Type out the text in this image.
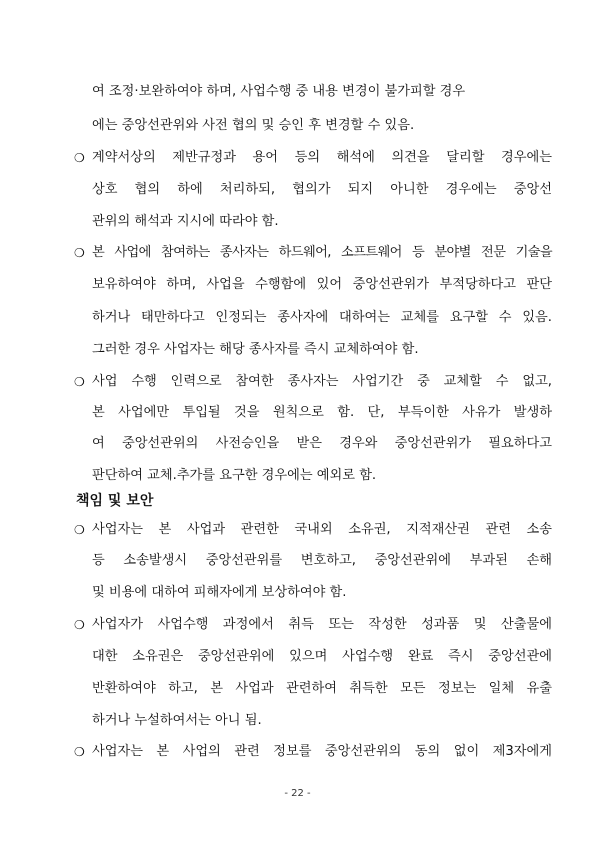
여 조정·보완하여야 하며, 사업수행 중 내용 변경이 불가피할 경우
에는 중앙선관위와 사전 협의 및 승인 후 변경할 수 있음.
❍ 계약서상의 제반규정과 용어 등의 해석에 의견을 달리할 경우에는
상호 협의 하에 처리하되, 협의가 되지 아니한 경우에는 중앙선
관위의 해석과 지시에 따라야 함.
❍ 본 사업에 참여하는 종사자는 하드웨어, 소프트웨어 등 분야별 전문 기술을
보유하여야 하며, 사업을 수행함에 있어 중앙선관위가 부적당하다고 판단
하거나 태만하다고 인정되는 종사자에 대하여는 교체를 요구할 수 있음.
그러한 경우 사업자는 해당 종사자를 즉시 교체하여야 함.
❍ 사업 수행 인력으로 참여한 종사자는 사업기간 중 교체할 수 없고,
본 사업에만 투입될 것을 원칙으로 함. 단, 부득이한 사유가 발생하
여 중앙선관위의 사전승인을 받은 경우와 중앙선관위가 필요하다고
판단하여 교체.추가를 요구한 경우에는 예외로 함.
책임 및 보안
❍ 사업자는 본 사업과 관련한 국내외 소유권, 지적재산권 관련 소송
등 소송발생시 중앙선관위를 변호하고, 중앙선관위에 부과된 손해
및 비용에 대하여 피해자에게 보상하여야 함.
❍ 사업자가 사업수행 과정에서 취득 또는 작성한 성과품 및 산출물에
대한 소유권은 중앙선관위에 있으며 사업수행 완료 즉시 중앙선관에
반환하여야 하고, 본 사업과 관련하여 취득한 모든 정보는 일체 유출
하거나 누설하여서는 아니 됨.
❍ 사업자는 본 사업의 관련 정보를 중앙선관위의 동의 없이 제3자에게
- 22 -
